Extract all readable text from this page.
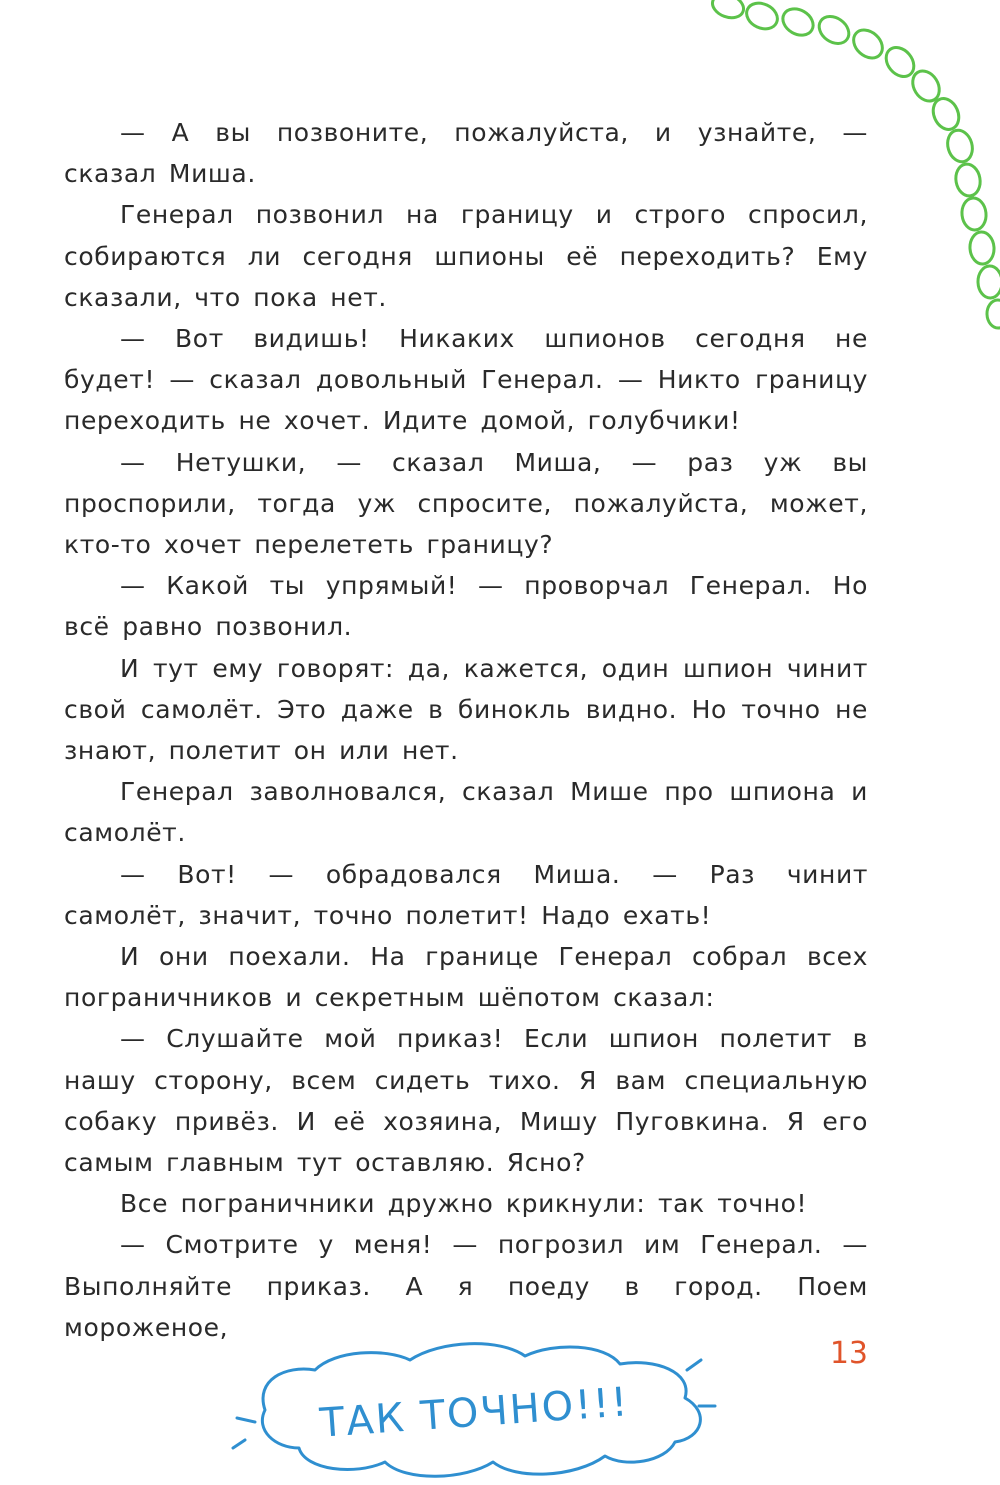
— А вы позвоните, пожалуйста, и узнайте, — сказал Миша.

Генерал позвонил на границу и строго спросил, собираются ли сегодня шпионы её переходить? Ему сказали, что пока нет.

— Вот видишь! Никаких шпионов сегодня не будет! — сказал довольный Генерал. — Никто границу переходить не хочет. Идите домой, голубчики!

— Нетушки, — сказал Миша, — раз уж вы проспорили, тогда уж спросите, пожалуйста, может, кто-то хочет перелететь границу?

— Какой ты упрямый! — проворчал Генерал. Но всё равно позвонил.

И тут ему говорят: да, кажется, один шпион чинит свой самолёт. Это даже в бинокль видно. Но точно не знают, полетит он или нет.

Генерал заволновался, сказал Мише про шпиона и самолёт.

— Вот! — обрадовался Миша. — Раз чинит самолёт, значит, точно полетит! Надо ехать!

И они поехали. На границе Генерал собрал всех пограничников и секретным шёпотом сказал:

— Слушайте мой приказ! Если шпион полетит в нашу сторону, всем сидеть тихо. Я вам специальную собаку привёз. И её хозяина, Мишу Пуговкина. Я его самым главным тут оставляю. Ясно?

Все пограничники дружно крикнули: так точно!

— Смотрите у меня! — погрозил им Генерал. — Выполняйте приказ. А я поеду в город. Поем мороженое,

13
ТАК ТОЧНО!!!
